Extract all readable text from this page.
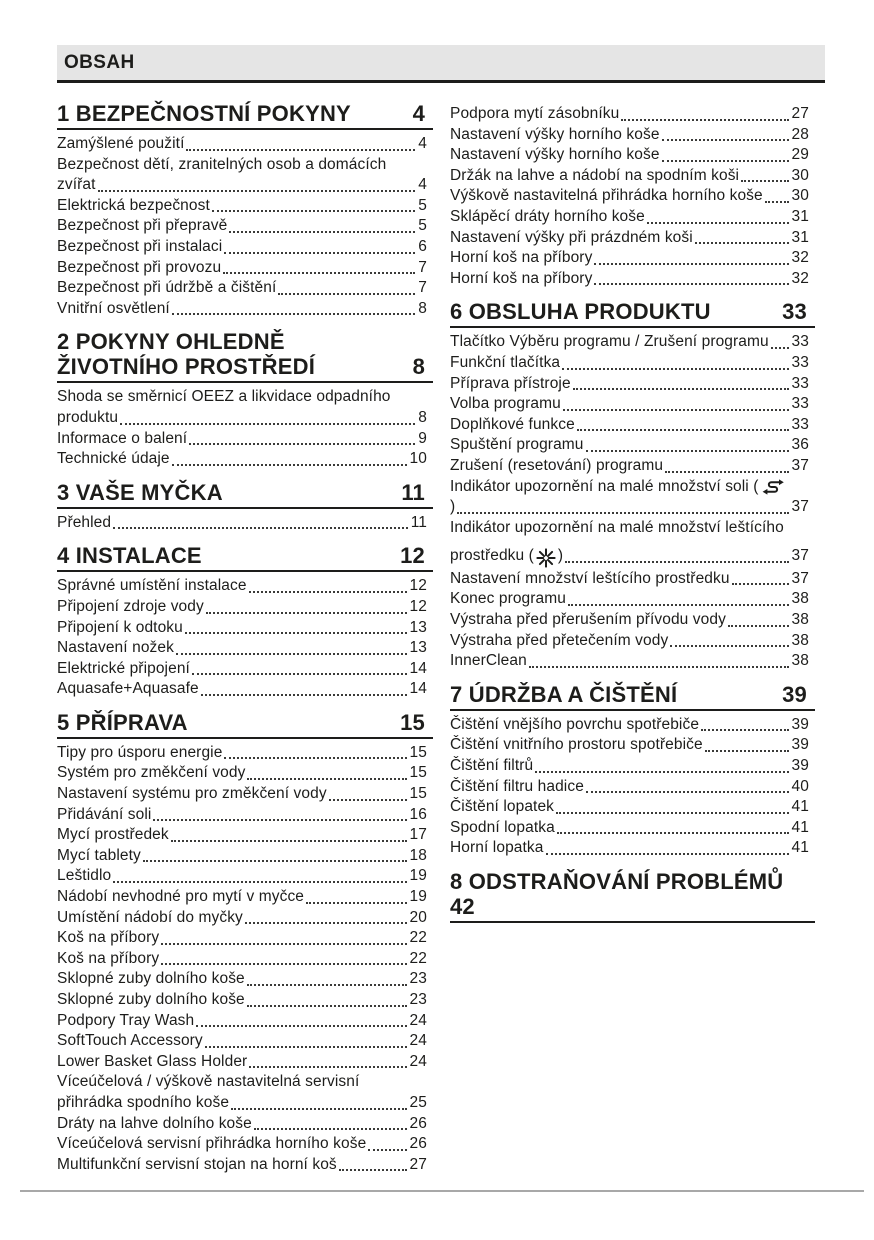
OBSAH
1 BEZPEČNOSTNÍ POKYNY	4
Zamýšlené použití	4
Bezpečnost dětí, zranitelných osob a domácích
zvířat	4
Elektrická bezpečnost	5
Bezpečnost při přepravě	5
Bezpečnost při instalaci	6
Bezpečnost při provozu	7
Bezpečnost při údržbě a čištění	7
Vnitřní osvětlení	8
2 POKYNY OHLEDNĚ ŽIVOTNÍHO PROSTŘEDÍ	8
Shoda se směrnicí OEEZ a likvidace odpadního
produktu	8
Informace o balení	9
Technické údaje	10
3 VAŠE MYČKA	11
Přehled	11
4 INSTALACE	12
Správné umístění instalace	12
Připojení zdroje vody	12
Připojení k odtoku	13
Nastavení nožek	13
Elektrické připojení	14
Aquasafe+Aquasafe	14
5 PŘÍPRAVA	15
Tipy pro úsporu energie	15
Systém pro změkčení vody	15
Nastavení systému pro změkčení vody	15
Přidávání soli	16
Mycí prostředek	17
Mycí tablety	18
Leštidlo	19
Nádobí nevhodné pro mytí v myčce	19
Umístění nádobí do myčky	20
Koš na příbory	22
Koš na příbory	22
Sklopné zuby dolního koše	23
Sklopné zuby dolního koše	23
Podpory Tray Wash	24
SoftTouch Accessory	24
Lower Basket Glass Holder	24
Víceúčelová / výškově nastavitelná servisní
přihrádka spodního koše	25
Dráty na lahve dolního koše	26
Víceúčelová servisní přihrádka horního koše	26
Multifunkční servisní stojan na horní koš	27
Podpora mytí zásobníku	27
Nastavení výšky horního koše	28
Nastavení výšky horního koše	29
Držák na lahve a nádobí na spodním koši	30
Výškově nastavitelná přihrádka horního koše 30
Sklápěcí dráty horního koše	31
Nastavení výšky při prázdném koši	31
Horní koš na příbory	32
Horní koš na příbory	32
6 OBSLUHA PRODUKTU	33
Tlačítko Výběru programu / Zrušení programu 33
Funkční tlačítka	33
Příprava přístroje	33
Volba programu	33
Doplňkové funkce	33
Spuštění programu	36
Zrušení (resetování) programu	37
Indikátor upozornění na malé množství soli (
)	37
Indikátor upozornění na malé množství leštícího
prostředku ( )	37
Nastavení množství leštícího prostředku	37
Konec programu	38
Výstraha před přerušením přívodu vody	38
Výstraha před přetečením vody	38
InnerClean	38
7 ÚDRŽBA A ČIŠTĚNÍ	39
Čištění vnějšího povrchu spotřebiče	39
Čištění vnitřního prostoru spotřebiče	39
Čištění filtrů	39
Čištění filtru hadice	40
Čištění lopatek	41
Spodní lopatka	41
Horní lopatka	41
8 ODSTRAŇOVÁNÍ PROBLÉMŮ
42
